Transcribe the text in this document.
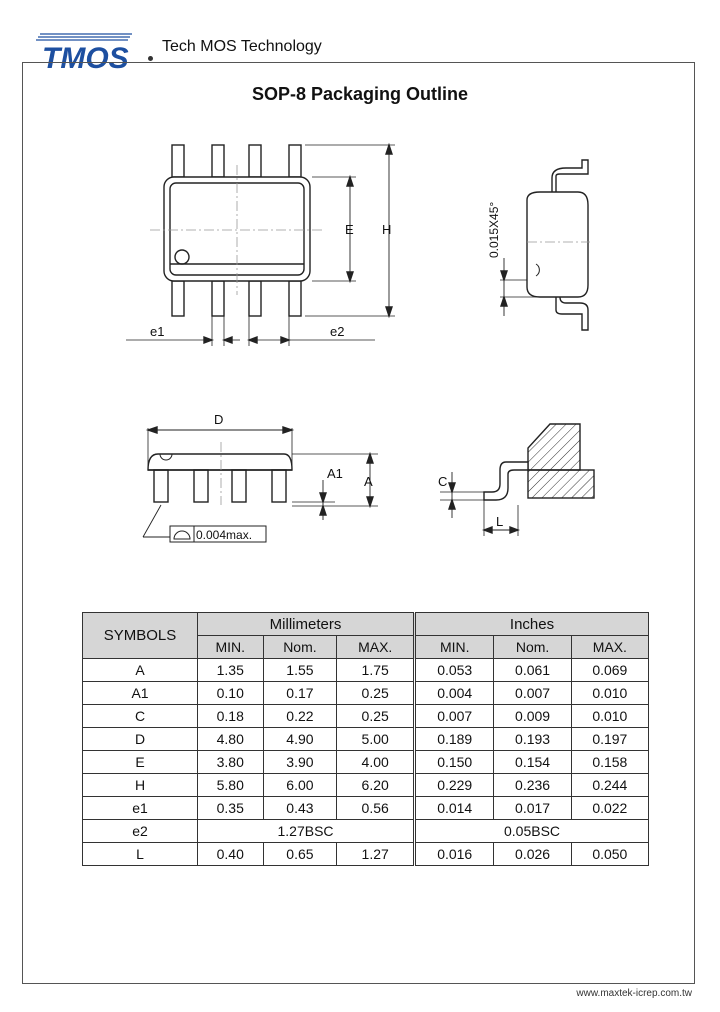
TMOS Tech MOS Technology
SOP-8 Packaging Outline
e1	e2
E H	0.015X45°
D
A1
A	C
L
0.004max.
SYMBOLS	Millimeters			Inches		
	MIN.	Nom.	MAX.	MIN.	Nom.	MAX.
A	1.35	1.55	1.75	0.053	0.061	0.069
A1	0.10	0.17	0.25	0.004	0.007	0.010
C	0.18	0.22	0.25	0.007	0.009	0.010
D	4.80	4.90	5.00	0.189	0.193	0.197
E	3.80	3.90	4.00	0.150	0.154	0.158
H	5.80	6.00	6.20	0.229	0.236	0.244
e1	0.35	0.43	0.56	0.014	0.017	0.022
e2	1.27BSC			0.05BSC		
L	0.40	0.65	1.27	0.016	0.026	0.050
www.maxtek-icrep.com.tw
